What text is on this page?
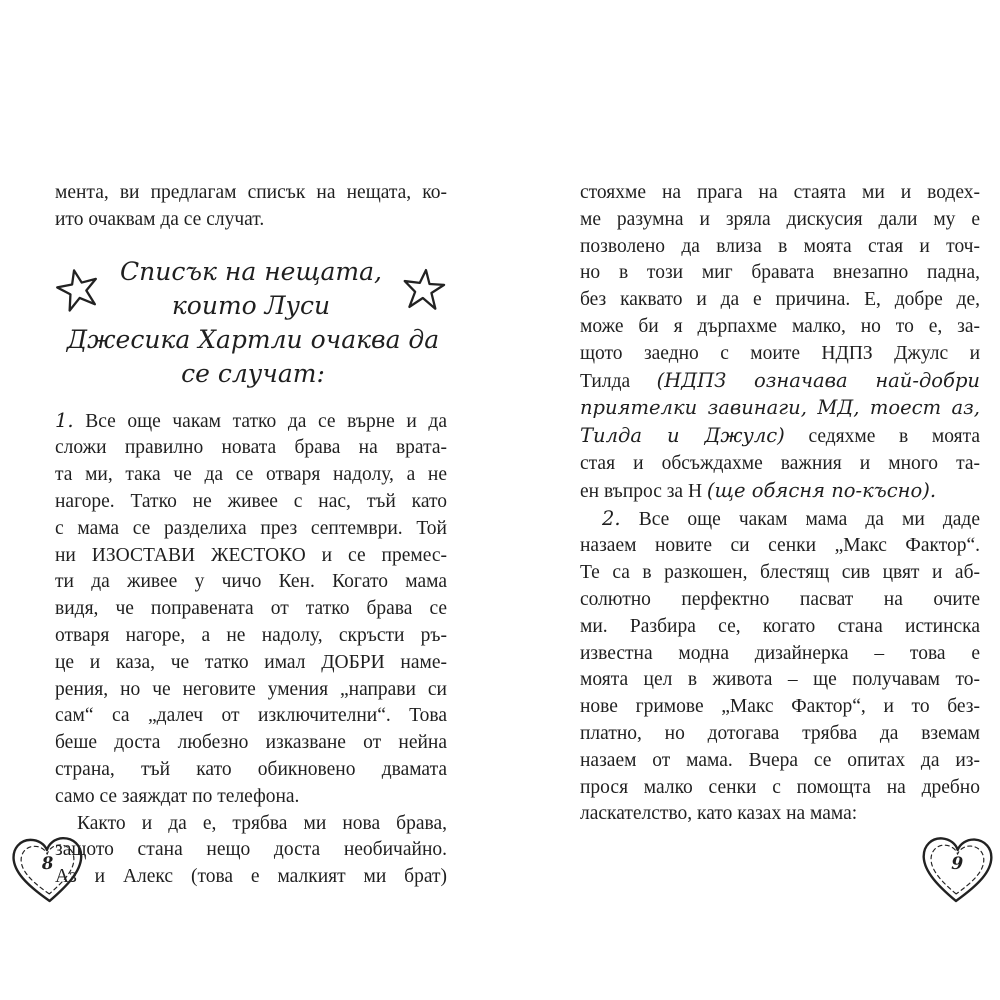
мента, ви предлагам списък на нещата, ко-
ито очаквам да се случат.
Списък на нещата, които Луси
Джесика Хартли очаква да се случат:
1. Все още чакам татко да се върне и да
сложи правилно новата брава на врата-
та ми, така че да се отваря надолу, а не
нагоре. Татко не живее с нас, тъй като
с мама се разделиха през септември. Той
ни ИЗОСТАВИ ЖЕСТОКО и се премес-
ти да живее у чичо Кен. Когато мама
видя, че поправената от татко брава се
отваря нагоре, а не надолу, скръсти ръ-
це и каза, че татко имал ДОБРИ наме-
рения, но че неговите умения „направи си
сам“ са „далеч от изключителни“. Това
беше доста любезно изказване от нейна
страна, тъй като обикновено двамата
само се заяждат по телефона.
Както и да е, трябва ми нова брава,
защото стана нещо доста необичайно.
Аз и Алекс (това е малкият ми брат)
стояхме на прага на стаята ми и водех-
ме разумна и зряла дискусия дали му е
позволено да влиза в моята стая и точ-
но в този миг бравата внезапно падна,
без каквато и да е причина. Е, добре де,
може би я дърпахме малко, но то е, за-
щото заедно с моите НДПЗ Джулс и
Тилда (НДПЗ означава най-добри
приятелки завинаги, МД, тоест аз,
Тилда и Джулс) седяхме в моята
стая и обсъждахме важния и много та-
ен въпрос за Н (ще обясня по-късно).
2. Все още чакам мама да ми даде
назаем новите си сенки „Макс Фактор“.
Те са в разкошен, блестящ сив цвят и аб-
солютно перфектно пасват на очите
ми. Разбира се, когато стана истинска
известна модна дизайнерка – това е
моята цел в живота – ще получавам то-
нове гримове „Макс Фактор“, и то без-
платно, но дотогава трябва да вземам
назаем от мама. Вчера се опитах да из-
прося малко сенки с помощта на дребно
ласкателство, като казах на мама:
8	9
